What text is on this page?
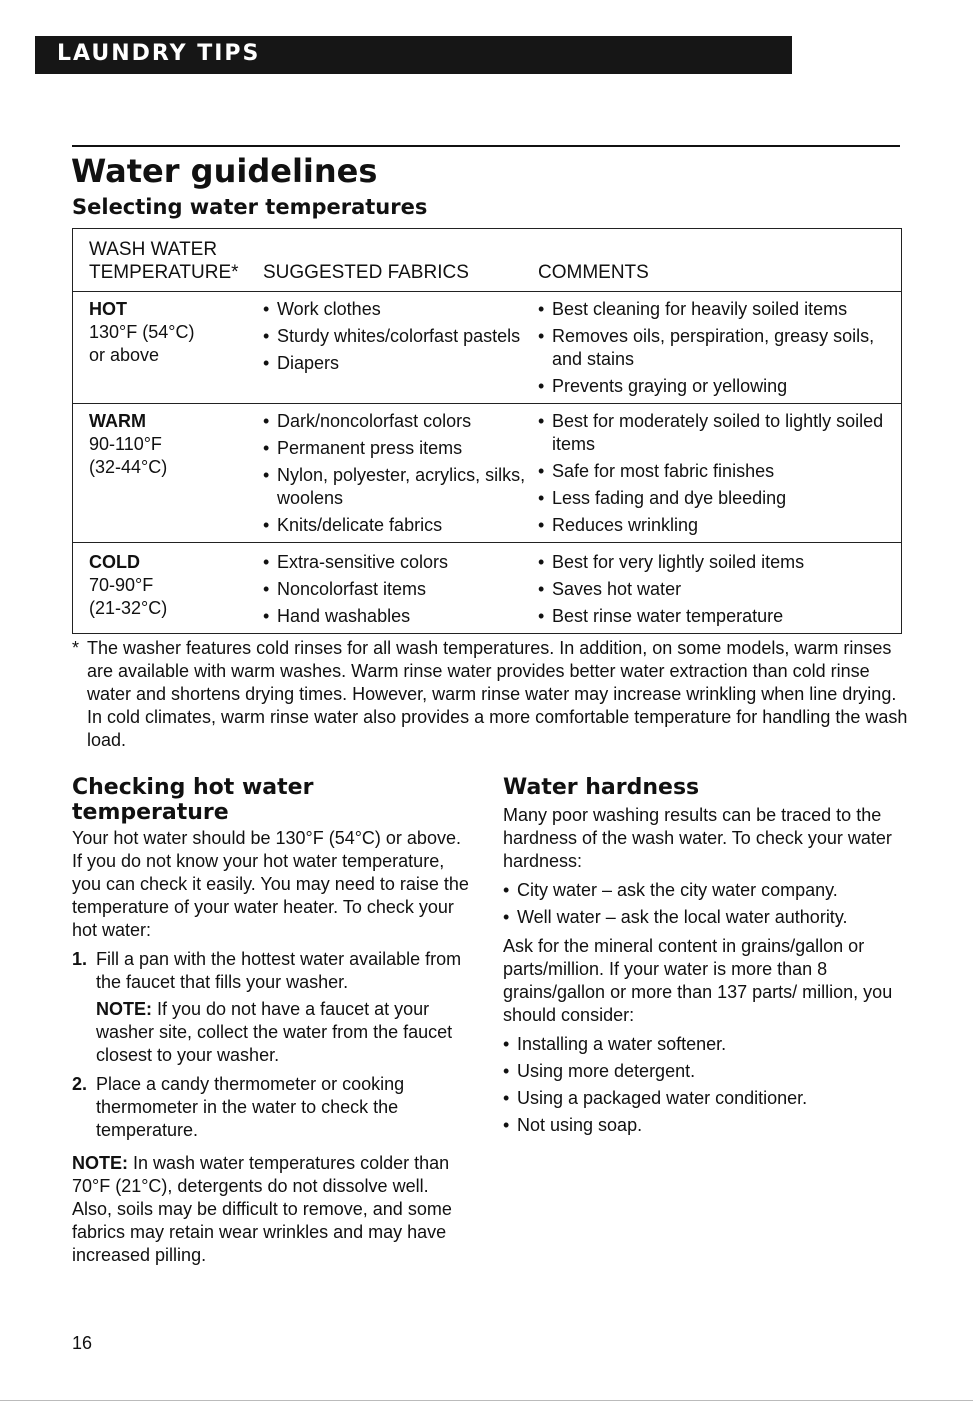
LAUNDRY TIPS
Water guidelines
Selecting water temperatures
WASH WATER
TEMPERATURE* SUGGESTED FABRICS	COMMENTS
HOT
130°F (54°C)
or above
• Work clothes
• Sturdy whites/colorfast pastels
• Diapers
• Best cleaning for heavily soiled items
• Removes oils, perspiration, greasy soils, and stains
• Prevents graying or yellowing
WARM
90-110°F
(32-44°C)
• Dark/noncolorfast colors
• Permanent press items
• Nylon, polyester, acrylics, silks, woolens
• Knits/delicate fabrics
• Best for moderately soiled to lightly soiled items
• Safe for most fabric finishes
• Less fading and dye bleeding
• Reduces wrinkling
COLD
70-90°F
(21-32°C)
• Extra-sensitive colors
• Noncolorfast items
• Hand washables
• Best for very lightly soiled items
• Saves hot water
• Best rinse water temperature
* The washer features cold rinses for all wash temperatures. In addition, on some models, warm rinses are available with warm washes. Warm rinse water provides better water extraction than cold rinse water and shortens drying times. However, warm rinse water may increase wrinkling when line drying. In cold climates, warm rinse water also provides a more comfortable temperature for handling the wash load.
Checking hot water temperature

Your hot water should be 130°F (54°C) or above. If you do not know your hot water temperature, you can check it easily. You may need to raise the temperature of your water heater. To check your hot water:

1. Fill a pan with the hottest water available from the faucet that fills your washer.
NOTE: If you do not have a faucet at your washer site, collect the water from the faucet closest to your washer.
2. Place a candy thermometer or cooking thermometer in the water to check the temperature.

NOTE: In wash water temperatures colder than 70°F (21°C), detergents do not dissolve well. Also, soils may be difficult to remove, and some fabrics may retain wear wrinkles and may have increased pilling.

Water hardness

Many poor washing results can be traced to the hardness of the wash water. To check your water hardness:

• City water – ask the city water company.
• Well water – ask the local water authority.

Ask for the mineral content in grains/gallon or parts/million. If your water is more than 8 grains/gallon or more than 137 parts/ million, you should consider:

• Installing a water softener.
• Using more detergent.
• Using a packaged water conditioner.
• Not using soap.
16
